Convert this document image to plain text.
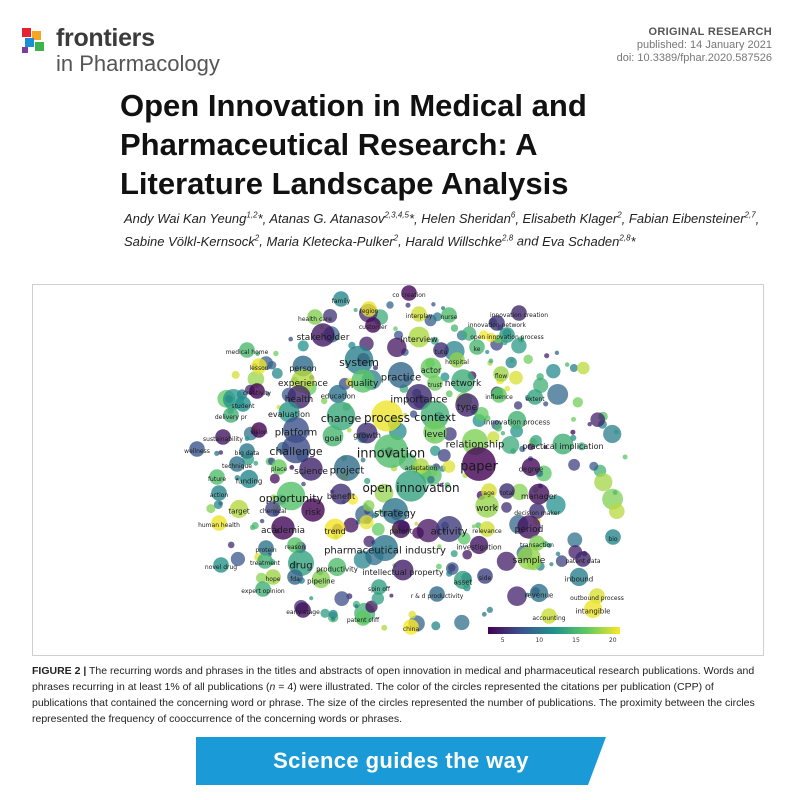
frontiers
in Pharmacology
ORIGINAL RESEARCH
published: 14 January 2021
doi: 10.3389/fphar.2020.587526
Open Innovation in Medical and
Pharmaceutical Research: A
Literature Landscape Analysis
Andy Wai Kan Yeung$^{1,2}$*, Atanas G. Atanasov$^{2,3,4,5}$*, Helen Sheridan$^6$, Elisabeth Klager$^2$, Fabian Eibensteiner$^{2,7}$, Sabine Völkl-Kernsock$^2$, Maria Kletecka-Pulker$^2$, Harald Willschke$^{2,8}$ and Eva Schaden$^{2,8}$*
co creation
family
region
interplay nurse	innovation creation
health care
customer	innovation network
stakeholder	interview	open innovation process
tutu	ke
medical home
system	hospital
lesson	person	actor
flow
practice
experience quality	trust network
creativity
health education	importance	influence extent
student	type
delivery pr	evaluation change process context	innovation process
vision platform goal growth	level
sustainability	relationship practical implication
wellness	big data challenge	innovation
technique	paper
place science project	adaptation	degree
future funding	open innovation
action	age total manager
opportunity benefit
target chemical risk	strategy	work	decision maker
human health
academia trend	patent activity relevance period
reason pharmaceutical industry
protein	investigation	transaction
bio
treatment drug productivity
sample	patent data
novel drug
intellectual property
hope fda pipeline	side
asset	inbound
spin off
expert opinion
r & d productivity	revenue	outbound process
intangible
early stage
accounting
patent cliff
china
5	10	15	20
FIGURE 2 | The recurring words and phrases in the titles and abstracts of open innovation in medical and pharmaceutical research publications. Words and phrases recurring in at least 1% of all publications (n = 4) were illustrated. The color of the circles represented the citations per publication (CPP) of publications that contained the concerning word or phrase. The size of the circles represented the number of publications. The proximity between the circles represented the frequency of cooccurrence of the concerning words or phrases.
Science guides the way
